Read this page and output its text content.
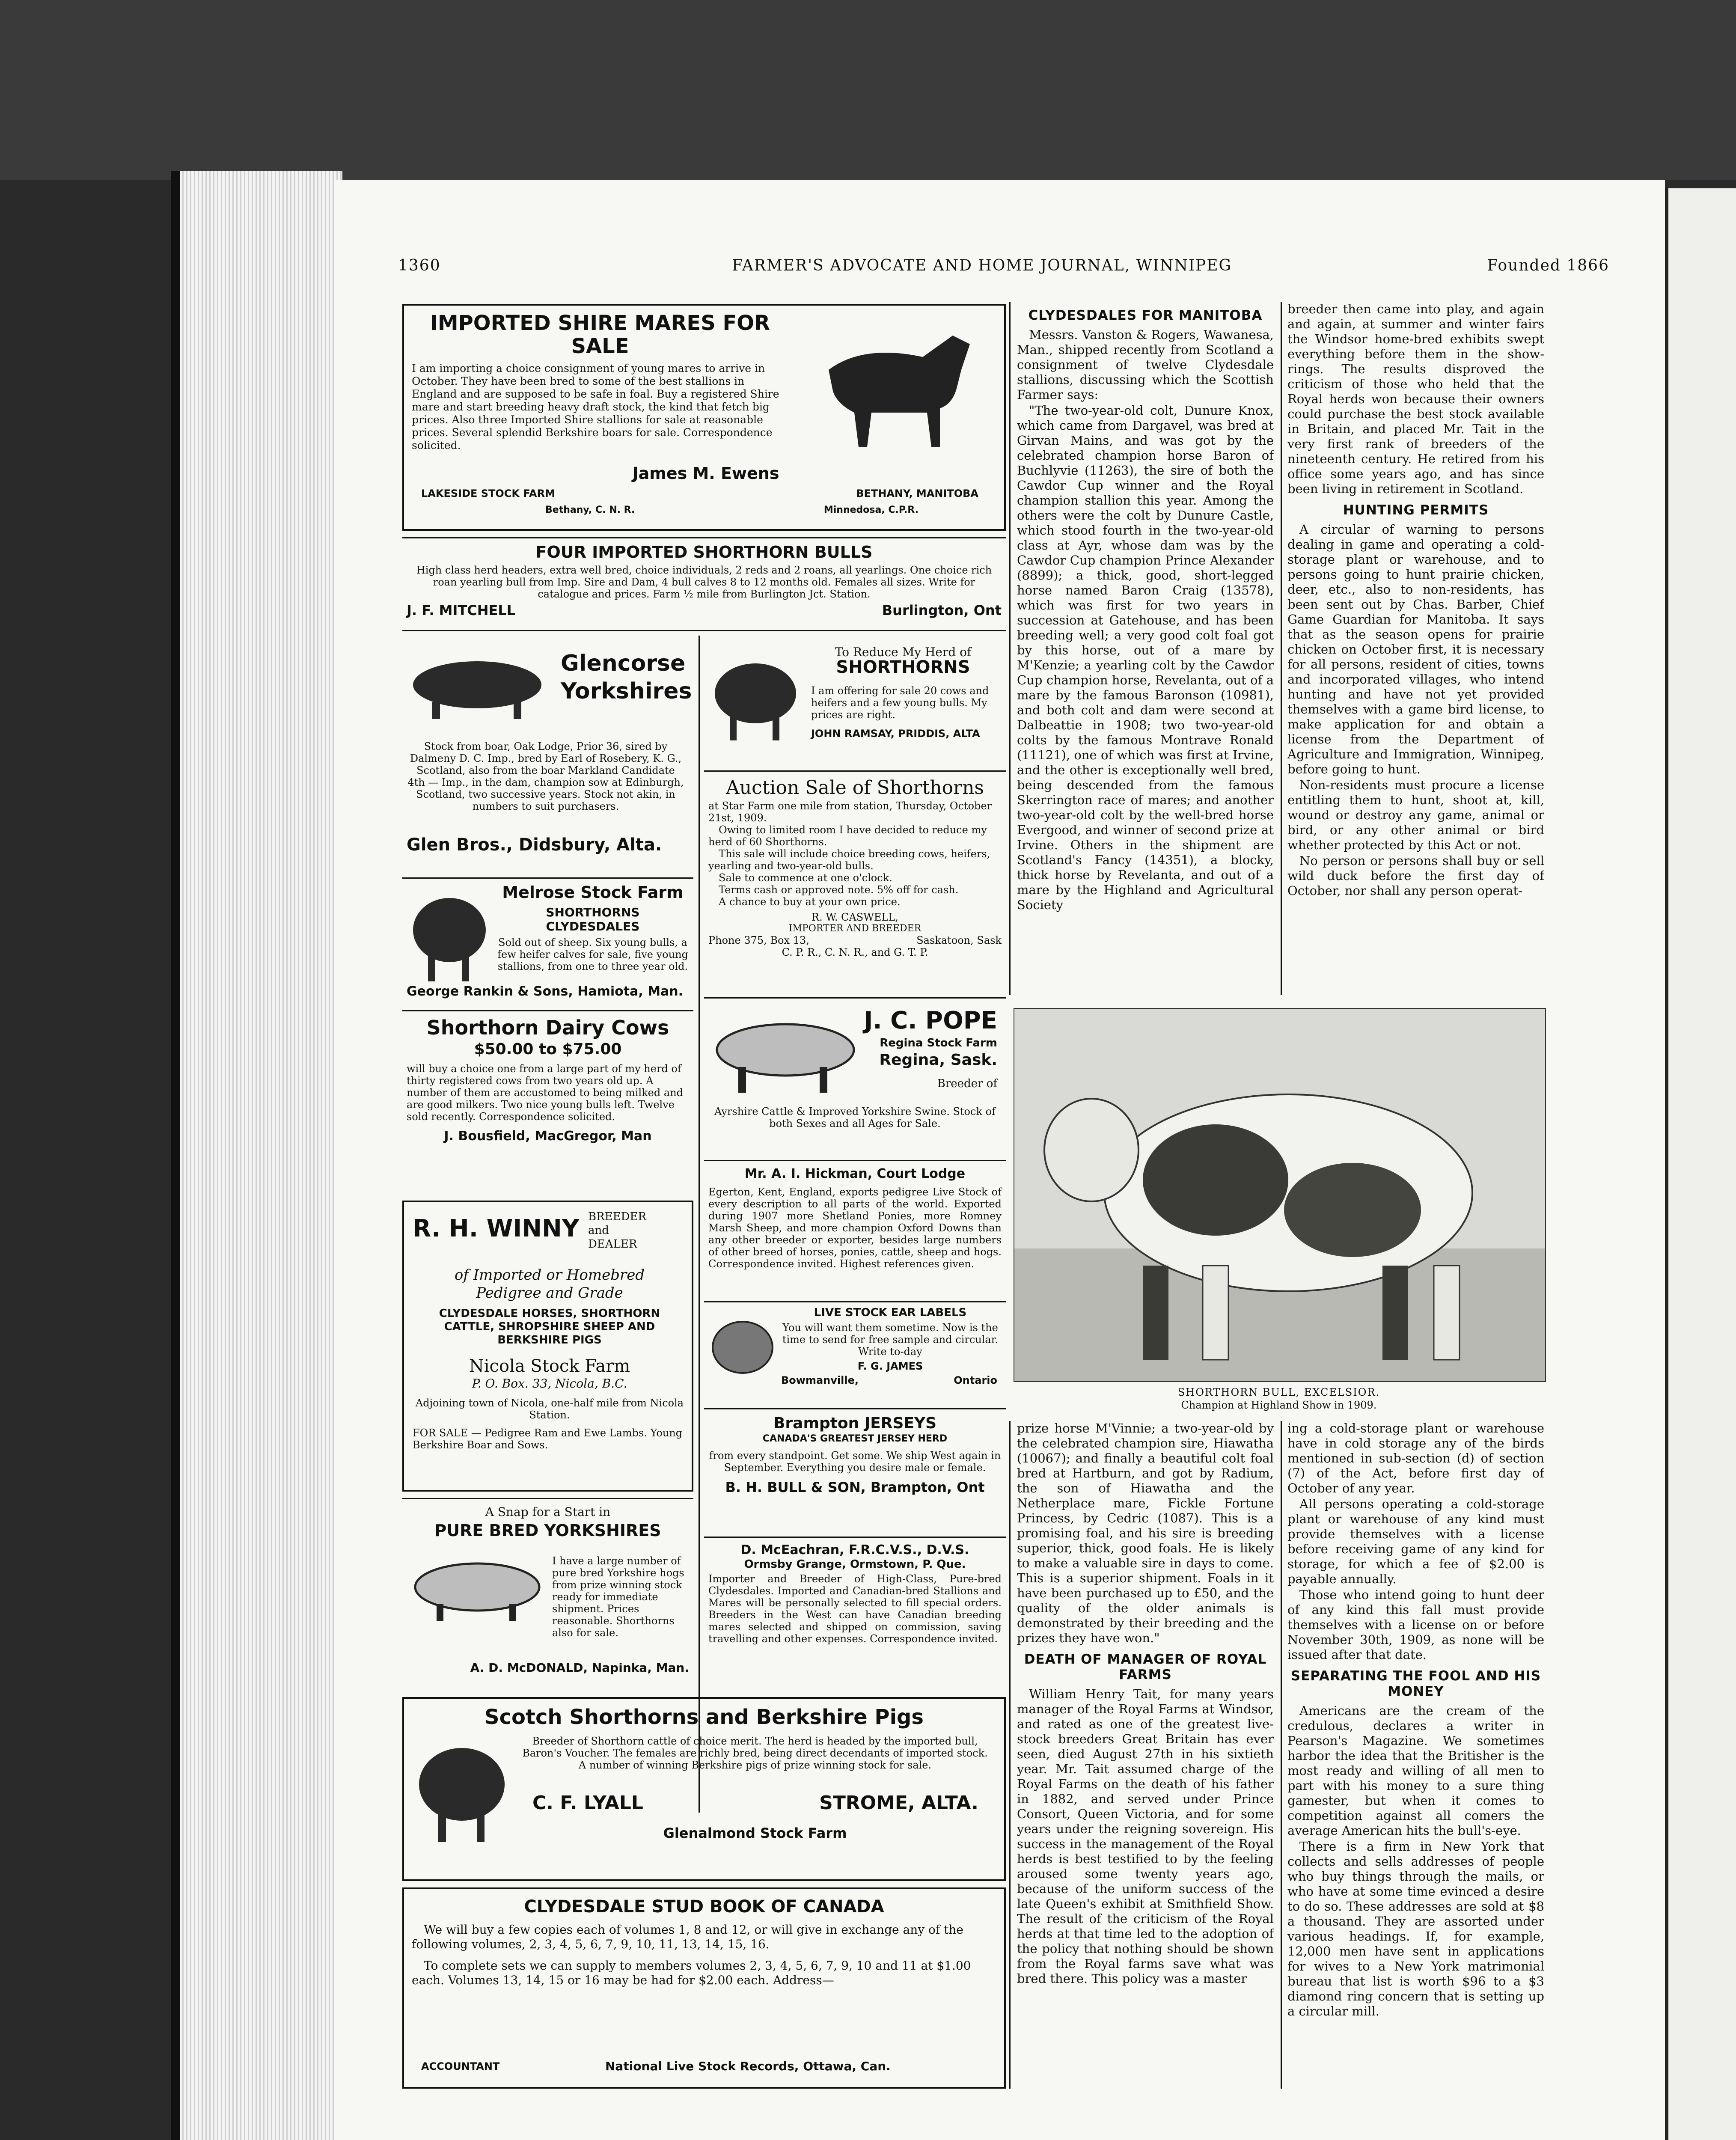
1360	FARMER'S ADVOCATE AND HOME JOURNAL, WINNIPEG	Founded 1866
IMPORTED SHIRE MARES FOR SALE
I am importing a choice consignment of young mares to arrive in October. They have been bred to some of the best stallions in England and are supposed to be safe in foal. Buy a registered Shire mare and start breeding heavy draft stock, the kind that fetch big prices. Also three Imported Shire stallions for sale at reasonable prices. Several splendid Berkshire boars for sale. Correspondence solicited.
James M. Ewens
LAKESIDE STOCK FARM	BETHANY, MANITOBA
Bethany, C. N. R.	Minnedosa, C.P.R.
FOUR IMPORTED SHORTHORN BULLS
High class herd headers, extra well bred, choice individuals, 2 reds and 2 roans, all yearlings. One choice rich roan yearling bull from Imp. Sire and Dam, 4 bull calves 8 to 12 months old. Females all sizes. Write for catalogue and prices. Farm ½ mile from Burlington Jct. Station.
J. F. MITCHELL	Burlington, Ont
Glencorse
Yorkshires
Stock from boar, Oak Lodge, Prior 36, sired by Dalmeny D. C. Imp., bred by Earl of Rosebery, K. G., Scotland, also from the boar Markland Candidate 4th — Imp., in the dam, champion sow at Edinburgh, Scotland, two successive years. Stock not akin, in numbers to suit purchasers.
Glen Bros., Didsbury, Alta.
Melrose Stock Farm
SHORTHORNS
CLYDESDALES
Sold out of sheep. Six young bulls, a few heifer calves for sale, five young stallions, from one to three year old.
George Rankin & Sons, Hamiota, Man.
Shorthorn Dairy Cows
$50.00 to $75.00
will buy a choice one from a large part of my herd of thirty registered cows from two years old up. A number of them are accustomed to being milked and are good milkers. Two nice young bulls left. Twelve sold recently. Correspondence solicited.
J. Bousfield, MacGregor, Man
R. H. WINNY BREEDER
and
DEALER
of Imported or Homebred
Pedigree and Grade
CLYDESDALE HORSES, SHORTHORN CATTLE, SHROPSHIRE SHEEP AND BERKSHIRE PIGS
Nicola Stock Farm
P. O. Box. 33, Nicola, B.C.
Adjoining town of Nicola, one-half mile from Nicola Station.
FOR SALE — Pedigree Ram and Ewe Lambs. Young Berkshire Boar and Sows.
A Snap for a Start in
PURE BRED YORKSHIRES
I have a large number of pure bred Yorkshire hogs from prize winning stock ready for immediate shipment. Prices reasonable. Shorthorns also for sale.
A. D. McDONALD, Napinka, Man.
To Reduce My Herd of
SHORTHORNS
I am offering for sale 20 cows and heifers and a few young bulls. My prices are right.
JOHN RAMSAY, PRIDDIS, ALTA
Auction Sale of Shorthorns
at Star Farm one mile from station, Thursday, October 21st, 1909.
Owing to limited room I have decided to reduce my herd of 60 Shorthorns.
This sale will include choice breeding cows, heifers, yearling and two-year-old bulls.
Sale to commence at one o'clock.
Terms cash or approved note. 5% off for cash.
A chance to buy at your own price.
R. W. CASWELL,
IMPORTER AND BREEDER
Phone 375, Box 13,	Saskatoon, Sask
C. P. R., C. N. R., and G. T. P.
J. C. POPE
Regina Stock Farm
Regina, Sask.
Breeder of
Ayrshire Cattle & Improved Yorkshire Swine. Stock of both Sexes and all Ages for Sale.
Mr. A. I. Hickman, Court Lodge
Egerton, Kent, England, exports pedigree Live Stock of every description to all parts of the world. Exported during 1907 more Shetland Ponies, more Romney Marsh Sheep, and more champion Oxford Downs than any other breeder or exporter, besides large numbers of other breed of horses, ponies, cattle, sheep and hogs. Correspondence invited. Highest references given.
LIVE STOCK EAR LABELS
You will want them sometime. Now is the time to send for free sample and circular. Write to-day
F. G. JAMES
Bowmanville,	Ontario
Brampton JERSEYS
CANADA'S GREATEST JERSEY HERD
from every standpoint. Get some. We ship West again in September. Everything you desire male or female.
B. H. BULL & SON, Brampton, Ont
D. McEachran, F.R.C.V.S., D.V.S.
Ormsby Grange, Ormstown, P. Que.
Importer and Breeder of High-Class, Pure-bred Clydesdales. Imported and Canadian-bred Stallions and Mares will be personally selected to fill special orders. Breeders in the West can have Canadian breeding mares selected and shipped on commission, saving travelling and other expenses. Correspondence invited.
Scotch Shorthorns and Berkshire Pigs
Breeder of Shorthorn cattle of choice merit. The herd is headed by the imported bull, Baron's Voucher. The females are richly bred, being direct decendants of imported stock. A number of winning Berkshire pigs of prize winning stock for sale.
C. F. LYALL	STROME, ALTA.
Glenalmond Stock Farm
CLYDESDALE STUD BOOK OF CANADA
We will buy a few copies each of volumes 1, 8 and 12, or will give in exchange any of the following volumes, 2, 3, 4, 5, 6, 7, 9, 10, 11, 13, 14, 15, 16.
To complete sets we can supply to members volumes 2, 3, 4, 5, 6, 7, 9, 10 and 11 at $1.00 each. Volumes 13, 14, 15 or 16 may be had for $2.00 each. Address—
ACCOUNTANT	National Live Stock Records, Ottawa, Can.
CLYDESDALES FOR MANITOBA

Messrs. Vanston & Rogers, Wawanesa, Man., shipped recently from Scotland a consignment of twelve Clydesdale stallions, discussing which the Scottish Farmer says:

"The two-year-old colt, Dunure Knox, which came from Dargavel, was bred at Girvan Mains, and was got by the celebrated champion horse Baron of Buchlyvie (11263), the sire of both the Cawdor Cup winner and the Royal champion stallion this year. Among the others were the colt by Dunure Castle, which stood fourth in the two-year-old class at Ayr, whose dam was by the Cawdor Cup champion Prince Alexander (8899); a thick, good, short-legged horse named Baron Craig (13578), which was first for two years in succession at Gatehouse, and has been breeding well; a very good colt foal got by this horse, out of a mare by M'Kenzie; a yearling colt by the Cawdor Cup champion horse, Revelanta, out of a mare by the famous Baronson (10981), and both colt and dam were second at Dalbeattie in 1908; two two-year-old colts by the famous Montrave Ronald (11121), one of which was first at Irvine, and the other is exceptionally well bred, being descended from the famous Skerrington race of mares; and another two-year-old colt by the well-bred horse Evergood, and winner of second prize at Irvine. Others in the shipment are Scotland's Fancy (14351), a blocky, thick horse by Revelanta, and out of a mare by the Highland and Agricultural Society

breeder then came into play, and again and again, at summer and winter fairs the Windsor home-bred exhibits swept everything before them in the show-rings. The results disproved the criticism of those who held that the Royal herds won because their owners could purchase the best stock available in Britain, and placed Mr. Tait in the very first rank of breeders of the nineteenth century. He retired from his office some years ago, and has since been living in retirement in Scotland.

HUNTING PERMITS

A circular of warning to persons dealing in game and operating a cold-storage plant or warehouse, and to persons going to hunt prairie chicken, deer, etc., also to non-residents, has been sent out by Chas. Barber, Chief Game Guardian for Manitoba. It says that as the season opens for prairie chicken on October first, it is necessary for all persons, resident of cities, towns and incorporated villages, who intend hunting and have not yet provided themselves with a game bird license, to make application for and obtain a license from the Department of Agriculture and Immigration, Winnipeg, before going to hunt.

Non-residents must procure a license entitling them to hunt, shoot at, kill, wound or destroy any game, animal or bird, or any other animal or bird whether protected by this Act or not.

No person or persons shall buy or sell wild duck before the first day of October, nor shall any person operat-

SHORTHORN BULL, EXCELSIOR.
Champion at Highland Show in 1909.

prize horse M'Vinnie; a two-year-old by the celebrated champion sire, Hiawatha (10067); and finally a beautiful colt foal bred at Hartburn, and got by Radium, the son of Hiawatha and the Netherplace mare, Fickle Fortune Princess, by Cedric (1087). This is a promising foal, and his sire is breeding superior, thick, good foals. He is likely to make a valuable sire in days to come. This is a superior shipment. Foals in it have been purchased up to £50, and the quality of the older animals is demonstrated by their breeding and the prizes they have won."

DEATH OF MANAGER OF ROYAL FARMS

William Henry Tait, for many years manager of the Royal Farms at Windsor, and rated as one of the greatest live-stock breeders Great Britain has ever seen, died August 27th in his sixtieth year. Mr. Tait assumed charge of the Royal Farms on the death of his father in 1882, and served under Prince Consort, Queen Victoria, and for some years under the reigning sovereign. His success in the management of the Royal herds is best testified to by the feeling aroused some twenty years ago, because of the uniform success of the late Queen's exhibit at Smithfield Show. The result of the criticism of the Royal herds at that time led to the adoption of the policy that nothing should be shown from the Royal farms save what was bred there. This policy was a master

ing a cold-storage plant or warehouse have in cold storage any of the birds mentioned in sub-section (d) of section (7) of the Act, before first day of October of any year.

All persons operating a cold-storage plant or warehouse of any kind must provide themselves with a license before receiving game of any kind for storage, for which a fee of $2.00 is payable annually.

Those who intend going to hunt deer of any kind this fall must provide themselves with a license on or before November 30th, 1909, as none will be issued after that date.

SEPARATING THE FOOL AND HIS MONEY

Americans are the cream of the credulous, declares a writer in Pearson's Magazine. We sometimes harbor the idea that the Britisher is the most ready and willing of all men to part with his money to a sure thing gamester, but when it comes to competition against all comers the average American hits the bull's-eye.

There is a firm in New York that collects and sells addresses of people who buy things through the mails, or who have at some time evinced a desire to do so. These addresses are sold at $8 a thousand. They are assorted under various headings. If, for example, 12,000 men have sent in applications for wives to a New York matrimonial bureau that list is worth $96 to a $3 diamond ring concern that is setting up a circular mill.
